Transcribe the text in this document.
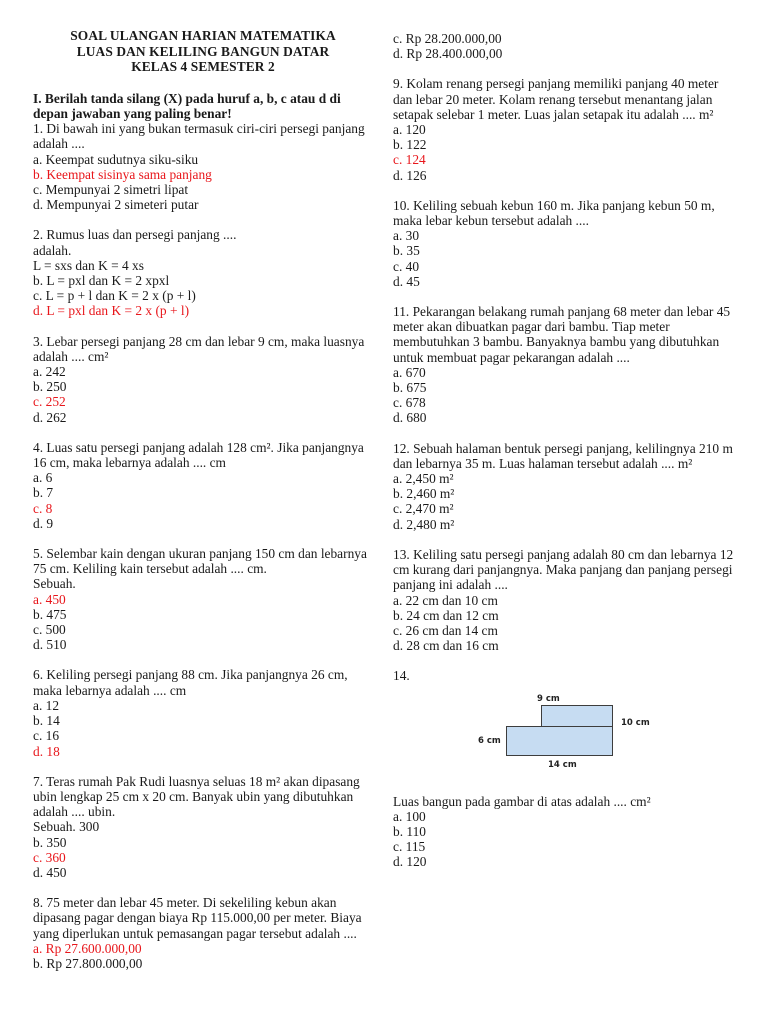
SOAL ULANGAN HARIAN MATEMATIKA
LUAS DAN KELILING BANGUN DATAR
KELAS 4 SEMESTER 2
I. Berilah tanda silang (X) pada huruf a, b, c atau d di depan jawaban yang paling benar!
1. Di bawah ini yang bukan termasuk ciri-ciri persegi panjang adalah ....
a. Keempat sudutnya siku-siku
b. Keempat sisinya sama panjang
c. Mempunyai 2 simetri lipat
d. Mempunyai 2 simeteri putar
2. Rumus luas dan persegi panjang ....
adalah.
L = sxs dan K = 4 xs
b. L = pxl dan K = 2 xpxl
c. L = p + l dan K = 2 x (p + l)
d. L = pxl dan K = 2 x (p + l)
3. Lebar persegi panjang 28 cm dan lebar 9 cm, maka luasnya adalah .... cm²
a. 242
b. 250
c. 252
d. 262
4. Luas satu persegi panjang adalah 128 cm². Jika panjangnya 16 cm, maka lebarnya adalah .... cm
a. 6
b. 7
c. 8
d. 9
5. Selembar kain dengan ukuran panjang 150 cm dan lebarnya 75 cm. Keliling kain tersebut adalah .... cm.
Sebuah.
a. 450
b. 475
c. 500
d. 510
6. Keliling persegi panjang 88 cm. Jika panjangnya 26 cm, maka lebarnya adalah .... cm
a. 12
b. 14
c. 16
d. 18
7. Teras rumah Pak Rudi luasnya seluas 18 m² akan dipasang ubin lengkap 25 cm x 20 cm. Banyak ubin yang dibutuhkan adalah .... ubin.
Sebuah. 300
b. 350
c. 360
d. 450
8. 75 meter dan lebar 45 meter. Di sekeliling kebun akan dipasang pagar dengan biaya Rp 115.000,00 per meter. Biaya yang diperlukan untuk pemasangan pagar tersebut adalah ....
a. Rp 27.600.000,00
b. Rp 27.800.000,00
c. Rp 28.200.000,00
d. Rp 28.400.000,00
9. Kolam renang persegi panjang memiliki panjang 40 meter dan lebar 20 meter. Kolam renang tersebut menantang jalan setapak selebar 1 meter. Luas jalan setapak itu adalah .... m²
a. 120
b. 122
c. 124
d. 126
10. Keliling sebuah kebun 160 m. Jika panjang kebun 50 m, maka lebar kebun tersebut adalah ....
a. 30
b. 35
c. 40
d. 45
11. Pekarangan belakang rumah panjang 68 meter dan lebar 45 meter akan dibuatkan pagar dari bambu. Tiap meter membutuhkan 3 bambu. Banyaknya bambu yang dibutuhkan untuk membuat pagar pekarangan adalah ....
a. 670
b. 675
c. 678
d. 680
12. Sebuah halaman bentuk persegi panjang, kelilingnya 210 m dan lebarnya 35 m. Luas halaman tersebut adalah .... m²
a. 2,450 m²
b. 2,460 m²
c. 2,470 m²
d. 2,480 m²
13. Keliling satu persegi panjang adalah 80 cm dan lebarnya 12 cm kurang dari panjangnya. Maka panjang dan panjang persegi panjang ini adalah ....
a. 22 cm dan 10 cm
b. 24 cm dan 12 cm
c. 26 cm dan 14 cm
d. 28 cm dan 16 cm
14.
9 cm
10 cm
6 cm
14 cm
Luas bangun pada gambar di atas adalah .... cm²
a. 100
b. 110
c. 115
d. 120
